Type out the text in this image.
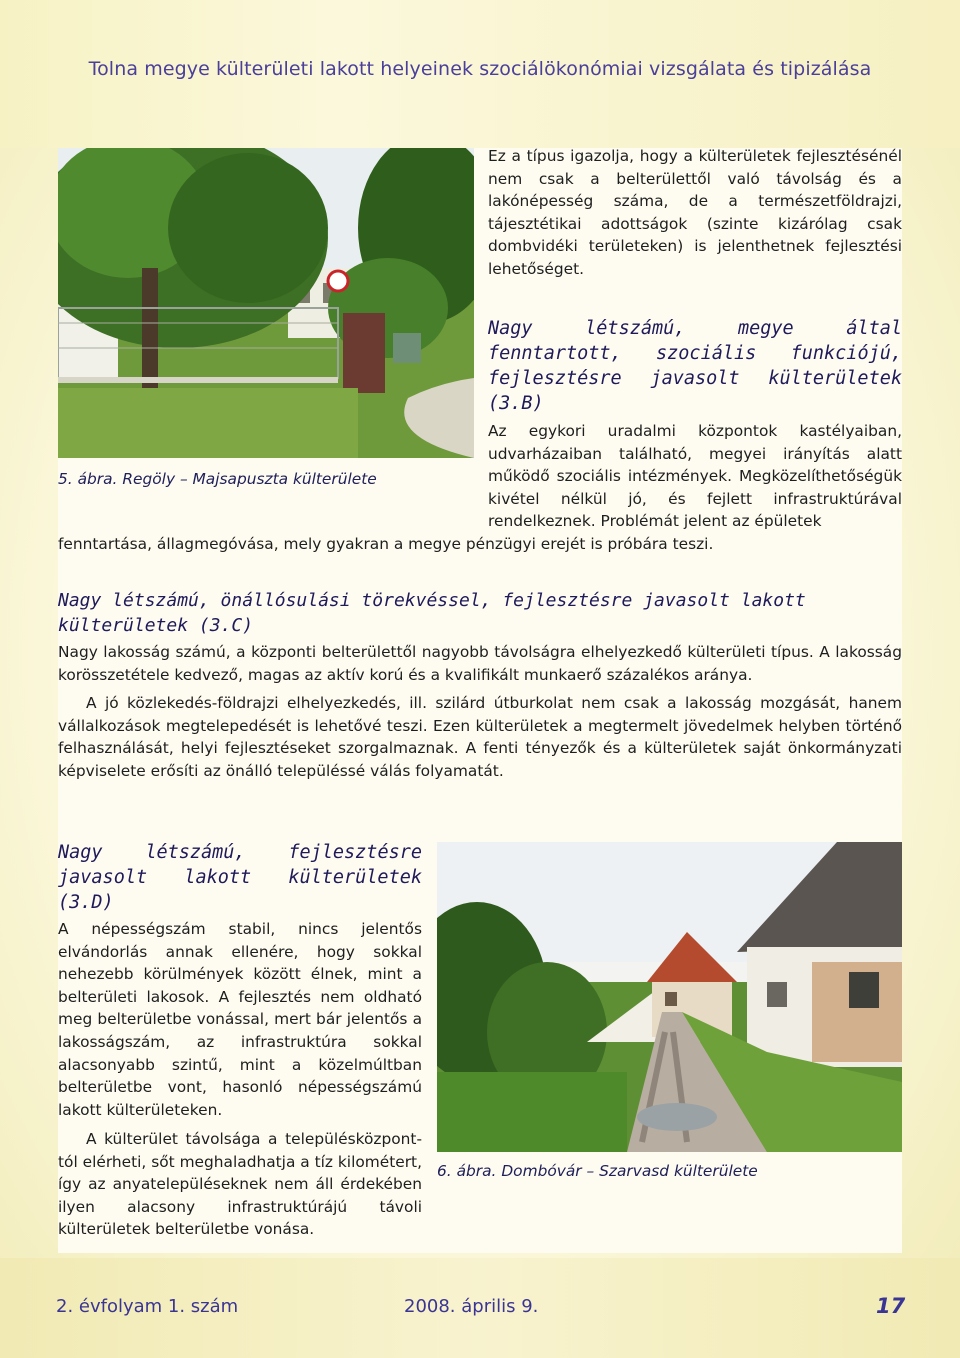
Tolna megye külterületi lakott helyeinek szociálökonómiai vizsgálata és tipizálása

Ez a típus igazolja, hogy a külterületek fejlesztésénél nem csak a belterülettől való távolság és a lakónépesség száma, de a természetföldrajzi, tájesztétikai adottságok (szinte kizárólag csak dombvidéki területeken) is jelenthetnek fejlesztési lehetőséget.

Nagy létszámú, megye által fenntartott, szociális funkciójú, fejlesztésre javasolt külterületek (3.B)

Az egykori uradalmi központok kastélyaiban, udvarházaiban található, megyei irányítás alatt működő szociális intézmények. Megközelíthetőségük kivétel nélkül jó, és fejlett infrastruktúrával rendelkeznek. Problémát jelent az épületek

5. ábra. Regöly – Majsapuszta külterülete

fenntartása, állagmegóvása, mely gyakran a megye pénzügyi erejét is próbára teszi.

Nagy létszámú, önállósulási törekvéssel, fejlesztésre javasolt lakott külterületek (3.C)

Nagy lakosság számú, a központi belterülettől nagyobb távolságra elhelyezkedő külterületi típus. A lakosság korösszetétele kedvező, magas az aktív korú és a kvalifikált munkaerő százalékos aránya.

A jó közlekedés-földrajzi elhelyezkedés, ill. szilárd útburkolat nem csak a lakosság mozgását, hanem vállalkozások megtelepedését is lehetővé teszi. Ezen külterületek a megtermelt jövedelmek helyben történő felhasználását, helyi fejlesztéseket szorgalmaznak. A fenti tényezők és a külterületek saját önkormányzati képviselete erősíti az önálló településsé válás folyamatát.

Nagy létszámú, fejlesztésre javasolt lakott külterületek (3.D)

A népességszám stabil, nincs jelentős elvándorlás annak ellenére, hogy sokkal nehezebb körülmények között élnek, mint a belterületi lakosok. A fejlesztés nem oldható meg belterületbe vonással, mert bár jelentős a lakosságszám, az infrastruktúra sokkal alacsonyabb szintű, mint a közelmúltban belterületbe vont, hasonló népességszámú lakott külterületeken.

A külterület távolsága a településközpont-tól elérheti, sőt meghaladhatja a tíz kilométert, így az anyatelepüléseknek nem áll érdekében ilyen alacsony infrastruktúrájú távoli külterületek belterületbe vonása.

6. ábra. Dombóvár – Szarvasd külterülete
2. évfolyam 1. szám	2008. április 9.	17
